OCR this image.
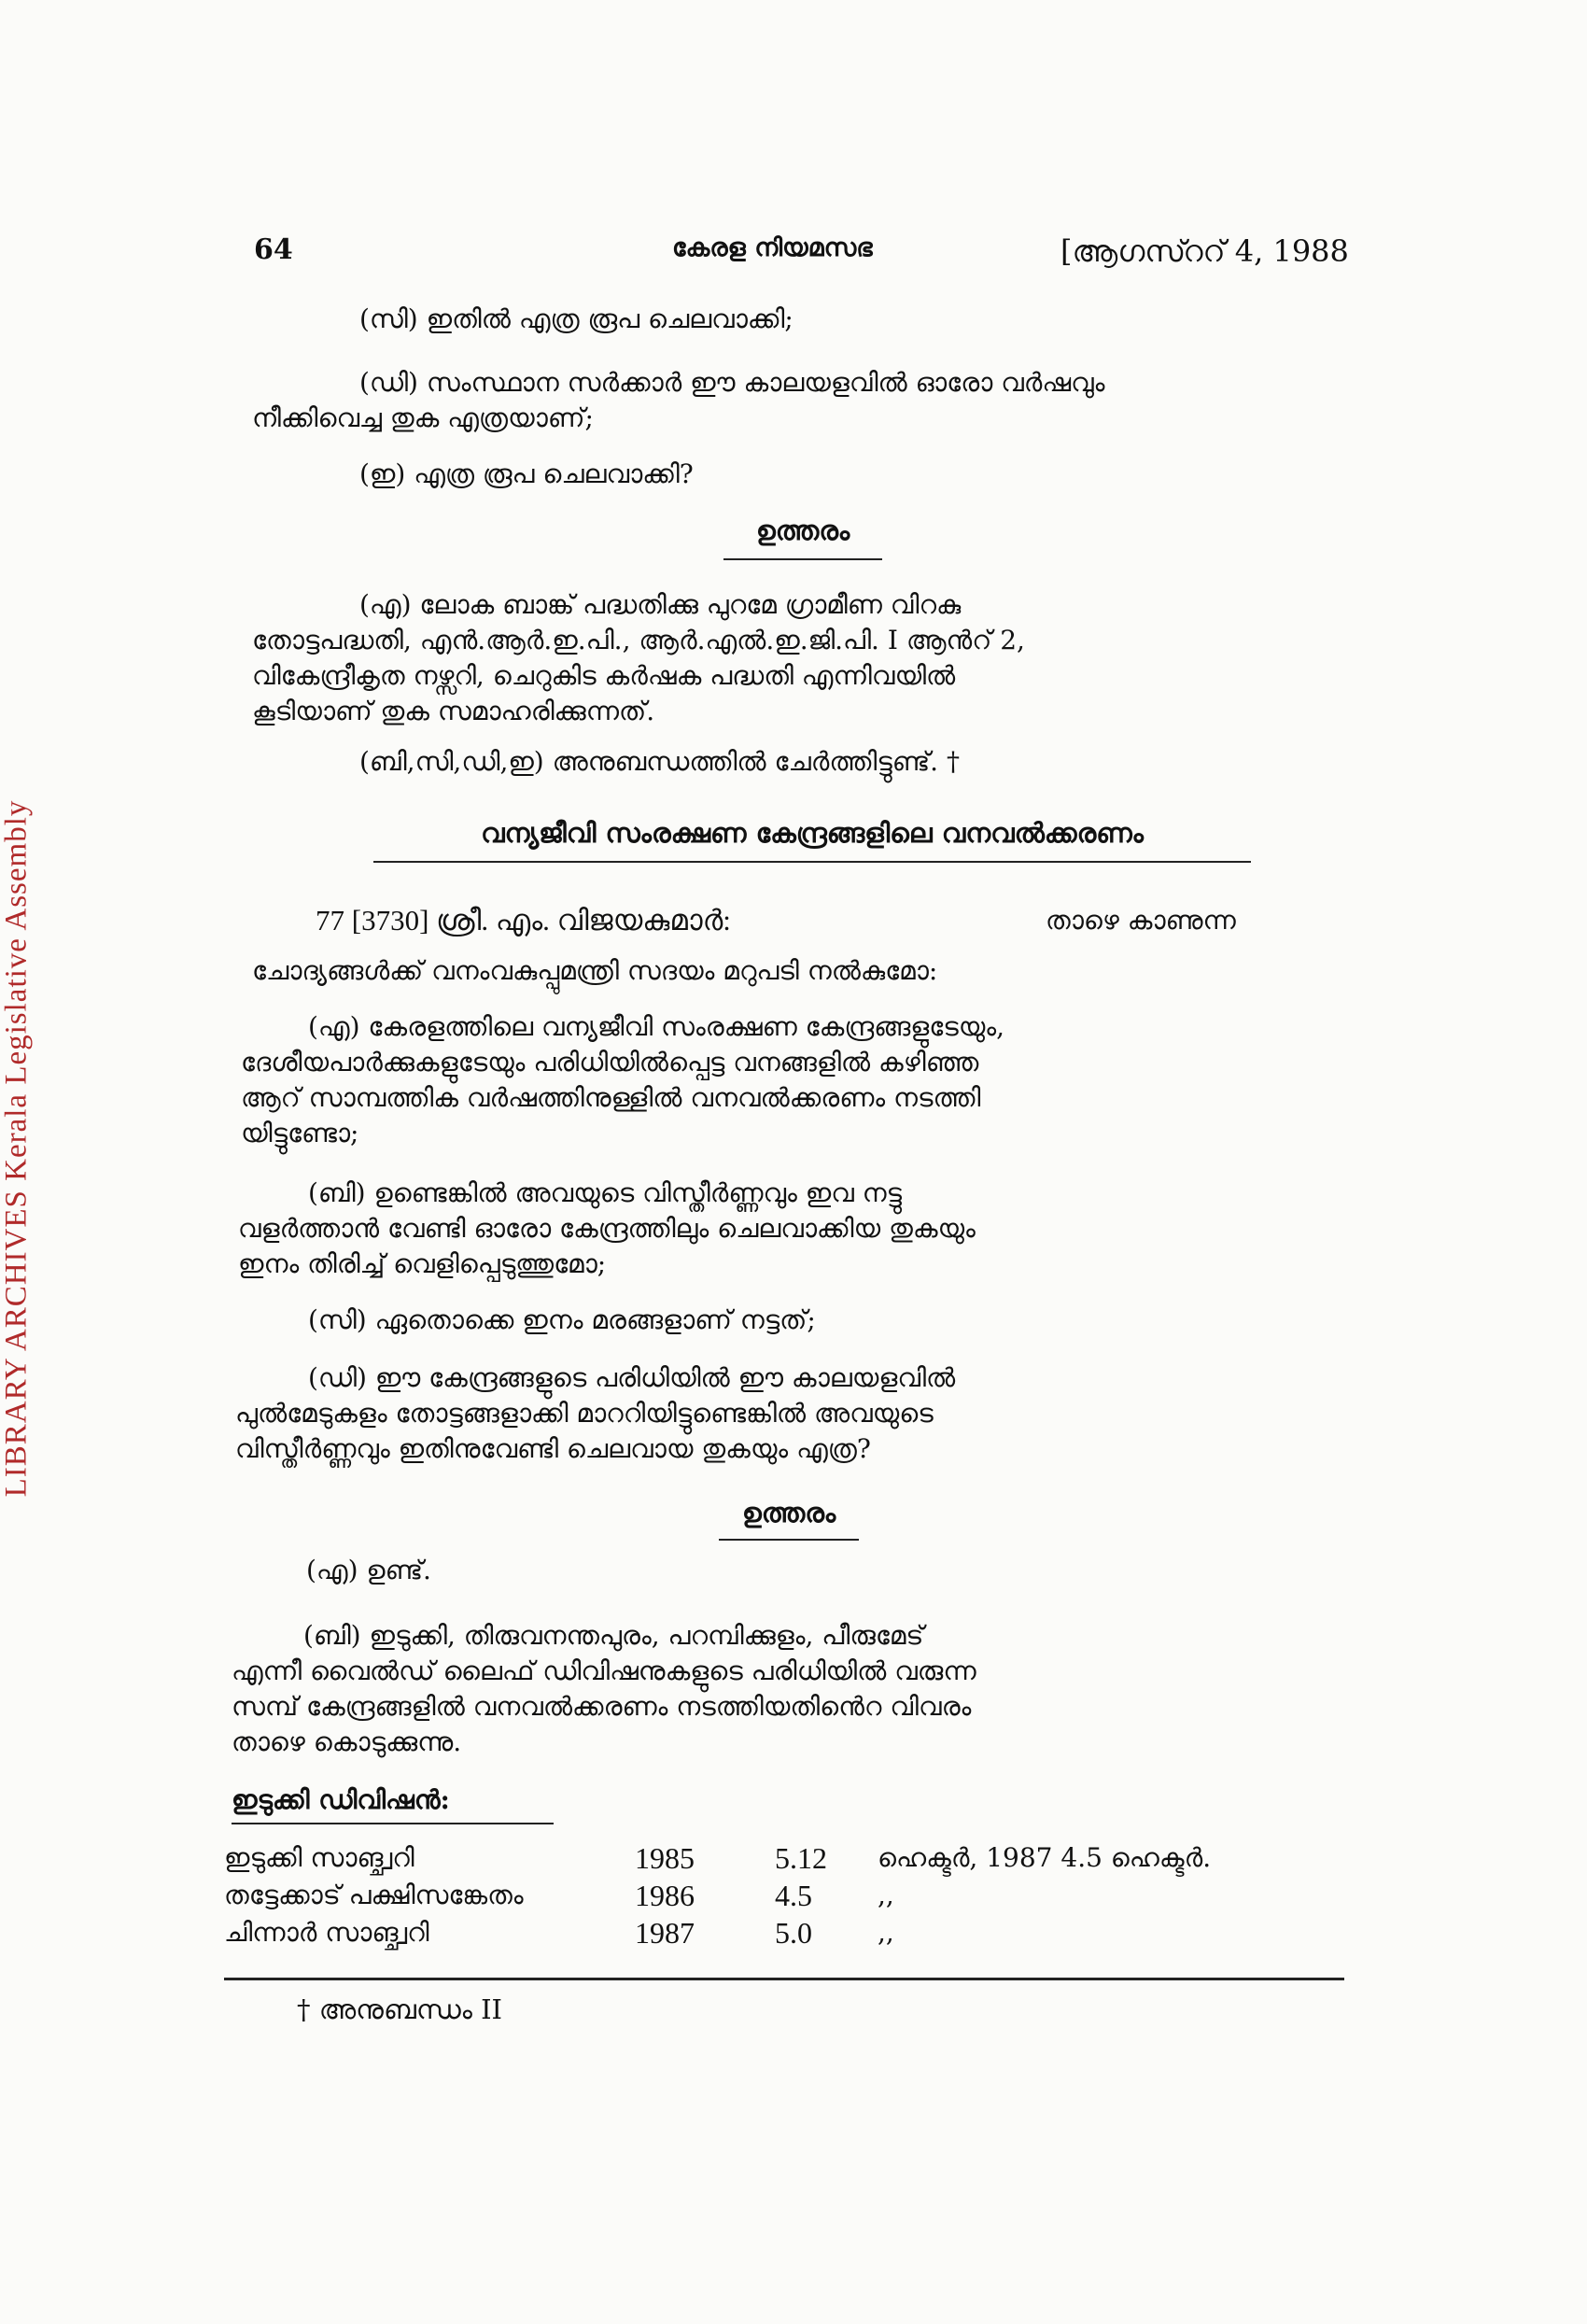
LIBRARY ARCHIVES Kerala Legislative Assembly
64	കേരള നിയമസഭ	[ആഗസ്ററ് 4, 1988
(സി) ഇതിൽ എത്ര രൂപ ചെലവാക്കി;
(ഡി) സംസ്ഥാന സർക്കാർ ഈ കാലയളവിൽ ഓരോ വർഷവും
നീക്കിവെച്ച തുക എത്രയാണ്;
(ഇ) എത്ര രൂപ ചെലവാക്കി?
ഉത്തരം
(എ) ലോക ബാങ്ക് പദ്ധതിക്കു പുറമേ ഗ്രാമീണ വിറകു
തോട്ടപദ്ധതി, എൻ.ആർ.ഇ.പി., ആർ.എൽ.ഇ.ജി.പി. I ആൻറ് 2,
വികേന്ദ്രീകൃത നഴ്സറി, ചെറുകിട കർഷക പദ്ധതി എന്നിവയിൽ
കൂടിയാണ് തുക സമാഹരിക്കുന്നത്.
(ബി,സി,ഡി,ഇ) അനുബന്ധത്തിൽ ചേർത്തിട്ടുണ്ട്. †
വന്യജീവി സംരക്ഷണ കേന്ദ്രങ്ങളിലെ വനവൽക്കരണം
77 [3730] ശ്രീ. എം. വിജയകുമാർ:	താഴെ കാണുന്ന
ചോദ്യങ്ങൾക്ക് വനംവകുപ്പുമന്ത്രി സദയം മറുപടി നൽകുമോ:
(എ) കേരളത്തിലെ വന്യജീവി സംരക്ഷണ കേന്ദ്രങ്ങളുടേയും,
ദേശീയപാർക്കുകളുടേയും പരിധിയിൽപ്പെട്ട വനങ്ങളിൽ കഴിഞ്ഞ
ആറ് സാമ്പത്തിക വർഷത്തിനുള്ളിൽ വനവൽക്കരണം നടത്തി
യിട്ടുണ്ടോ;
(ബി) ഉണ്ടെങ്കിൽ അവയുടെ വിസ്തീർണ്ണവും ഇവ നട്ടു
വളർത്താൻ വേണ്ടി ഓരോ കേന്ദ്രത്തിലും ചെലവാക്കിയ തുകയും
ഇനം തിരിച്ച് വെളിപ്പെടുത്തുമോ;
(സി) ഏതൊക്കെ ഇനം മരങ്ങളാണ് നട്ടത്;
(ഡി) ഈ കേന്ദ്രങ്ങളുടെ പരിധിയിൽ ഈ കാലയളവിൽ
പുൽമേടുകളം തോട്ടങ്ങളാക്കി മാററിയിട്ടുണ്ടെങ്കിൽ അവയുടെ
വിസ്തീർണ്ണവും ഇതിനുവേണ്ടി ചെലവായ തുകയും എത്ര?
ഉത്തരം
(എ) ഉണ്ട്.
(ബി) ഇടുക്കി, തിരുവനന്തപുരം, പറമ്പിക്കുളം, പീരുമേട്
എന്നീ വൈൽഡ് ലൈഫ് ഡിവിഷനുകളുടെ പരിധിയിൽ വരുന്ന
സമ്പ് കേന്ദ്രങ്ങളിൽ വനവൽക്കരണം നടത്തിയതിൻെറ വിവരം
താഴെ കൊടുക്കുന്നു.
ഇടുക്കി ഡിവിഷൻ:
ഇടുക്കി സാങ്ച്വറി	1985	5.12	ഹെക്ടർ, 1987 4.5 ഹെക്ടർ.
തട്ടേക്കാട് പക്ഷിസങ്കേതം	1986	4.5	,,
ചിന്നാർ സാങ്ച്വറി	1987	5.0	,,
† അനുബന്ധം II
